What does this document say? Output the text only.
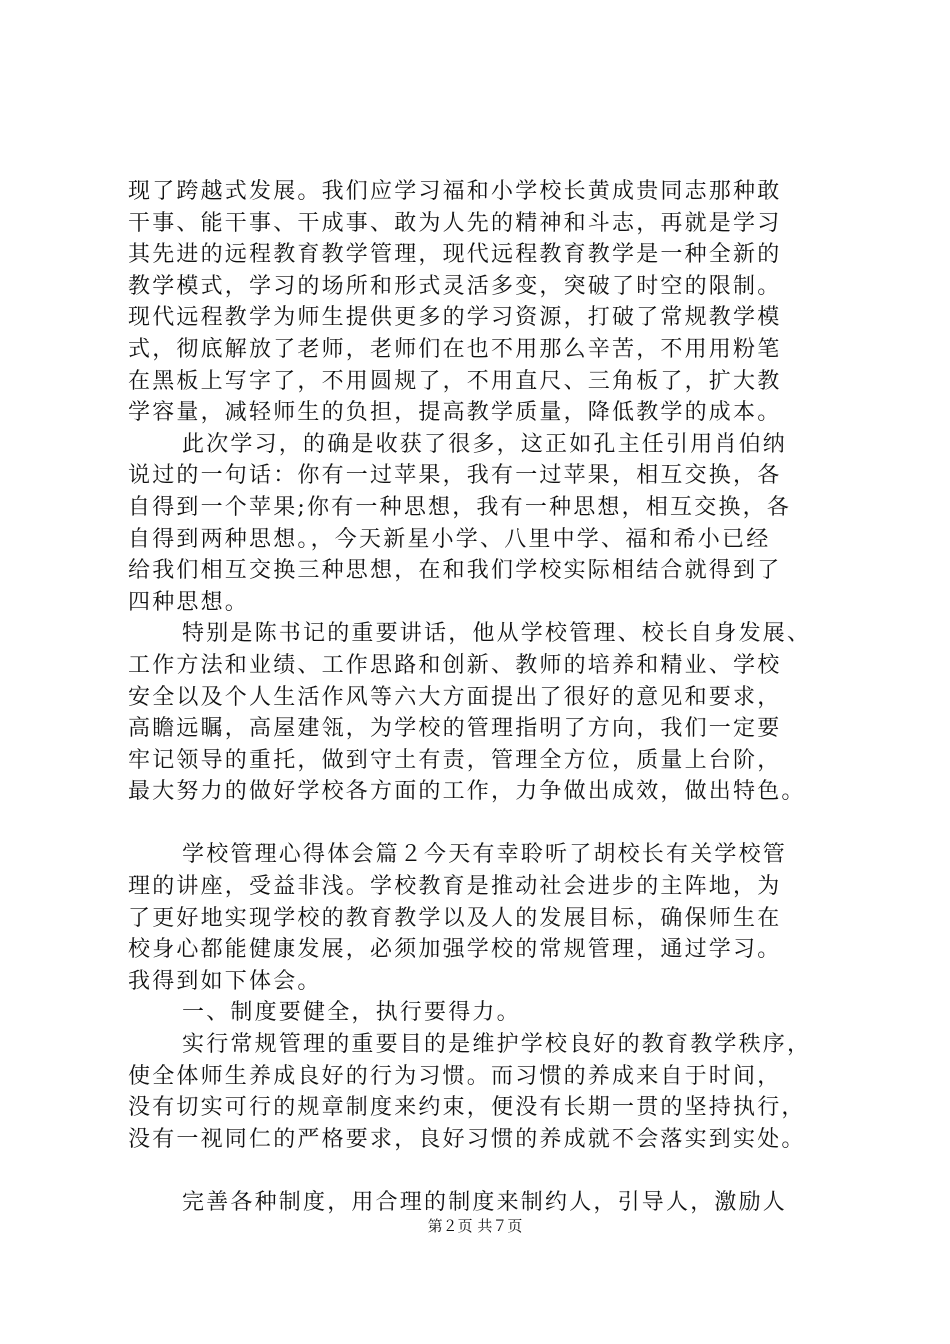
现了跨越式发展。我们应学习福和小学校长黄成贵同志那种敢
干事、能干事、干成事、敢为人先的精神和斗志，再就是学习
其先进的远程教育教学管理，现代远程教育教学是一种全新的
教学模式，学习的场所和形式灵活多变，突破了时空的限制。
现代远程教学为师生提供更多的学习资源，打破了常规教学模
式，彻底解放了老师，老师们在也不用那么辛苦，不用用粉笔
在黑板上写字了，不用圆规了，不用直尺、三角板了，扩大教
学容量，减轻师生的负担，提高教学质量，降低教学的成本。
此次学习，的确是收获了很多，这正如孔主任引用肖伯纳
说过的一句话：你有一过苹果，我有一过苹果，相互交换，各
自得到一个苹果;你有一种思想，我有一种思想，相互交换，各
自得到两种思想。，今天新星小学、八里中学、福和希小已经
给我们相互交换三种思想，在和我们学校实际相结合就得到了
四种思想。
特别是陈书记的重要讲话，他从学校管理、校长自身发展、
工作方法和业绩、工作思路和创新、教师的培养和精业、学校
安全以及个人生活作风等六大方面提出了很好的意见和要求，
高瞻远瞩，高屋建瓴，为学校的管理指明了方向，我们一定要
牢记领导的重托，做到守土有责，管理全方位，质量上台阶，
最大努力的做好学校各方面的工作，力争做出成效，做出特色。
学校管理心得体会篇２今天有幸聆听了胡校长有关学校管
理的讲座，受益非浅。学校教育是推动社会进步的主阵地，为
了更好地实现学校的教育教学以及人的发展目标，确保师生在
校身心都能健康发展，必须加强学校的常规管理，通过学习。
我得到如下体会。
一、制度要健全，执行要得力。
实行常规管理的重要目的是维护学校良好的教育教学秩序，
使全体师生养成良好的行为习惯。而习惯的养成来自于时间，
没有切实可行的规章制度来约束，便没有长期一贯的坚持执行，
没有一视同仁的严格要求，良好习惯的养成就不会落实到实处。
完善各种制度，用合理的制度来制约人，引导人，激励人
第２页 共７页
